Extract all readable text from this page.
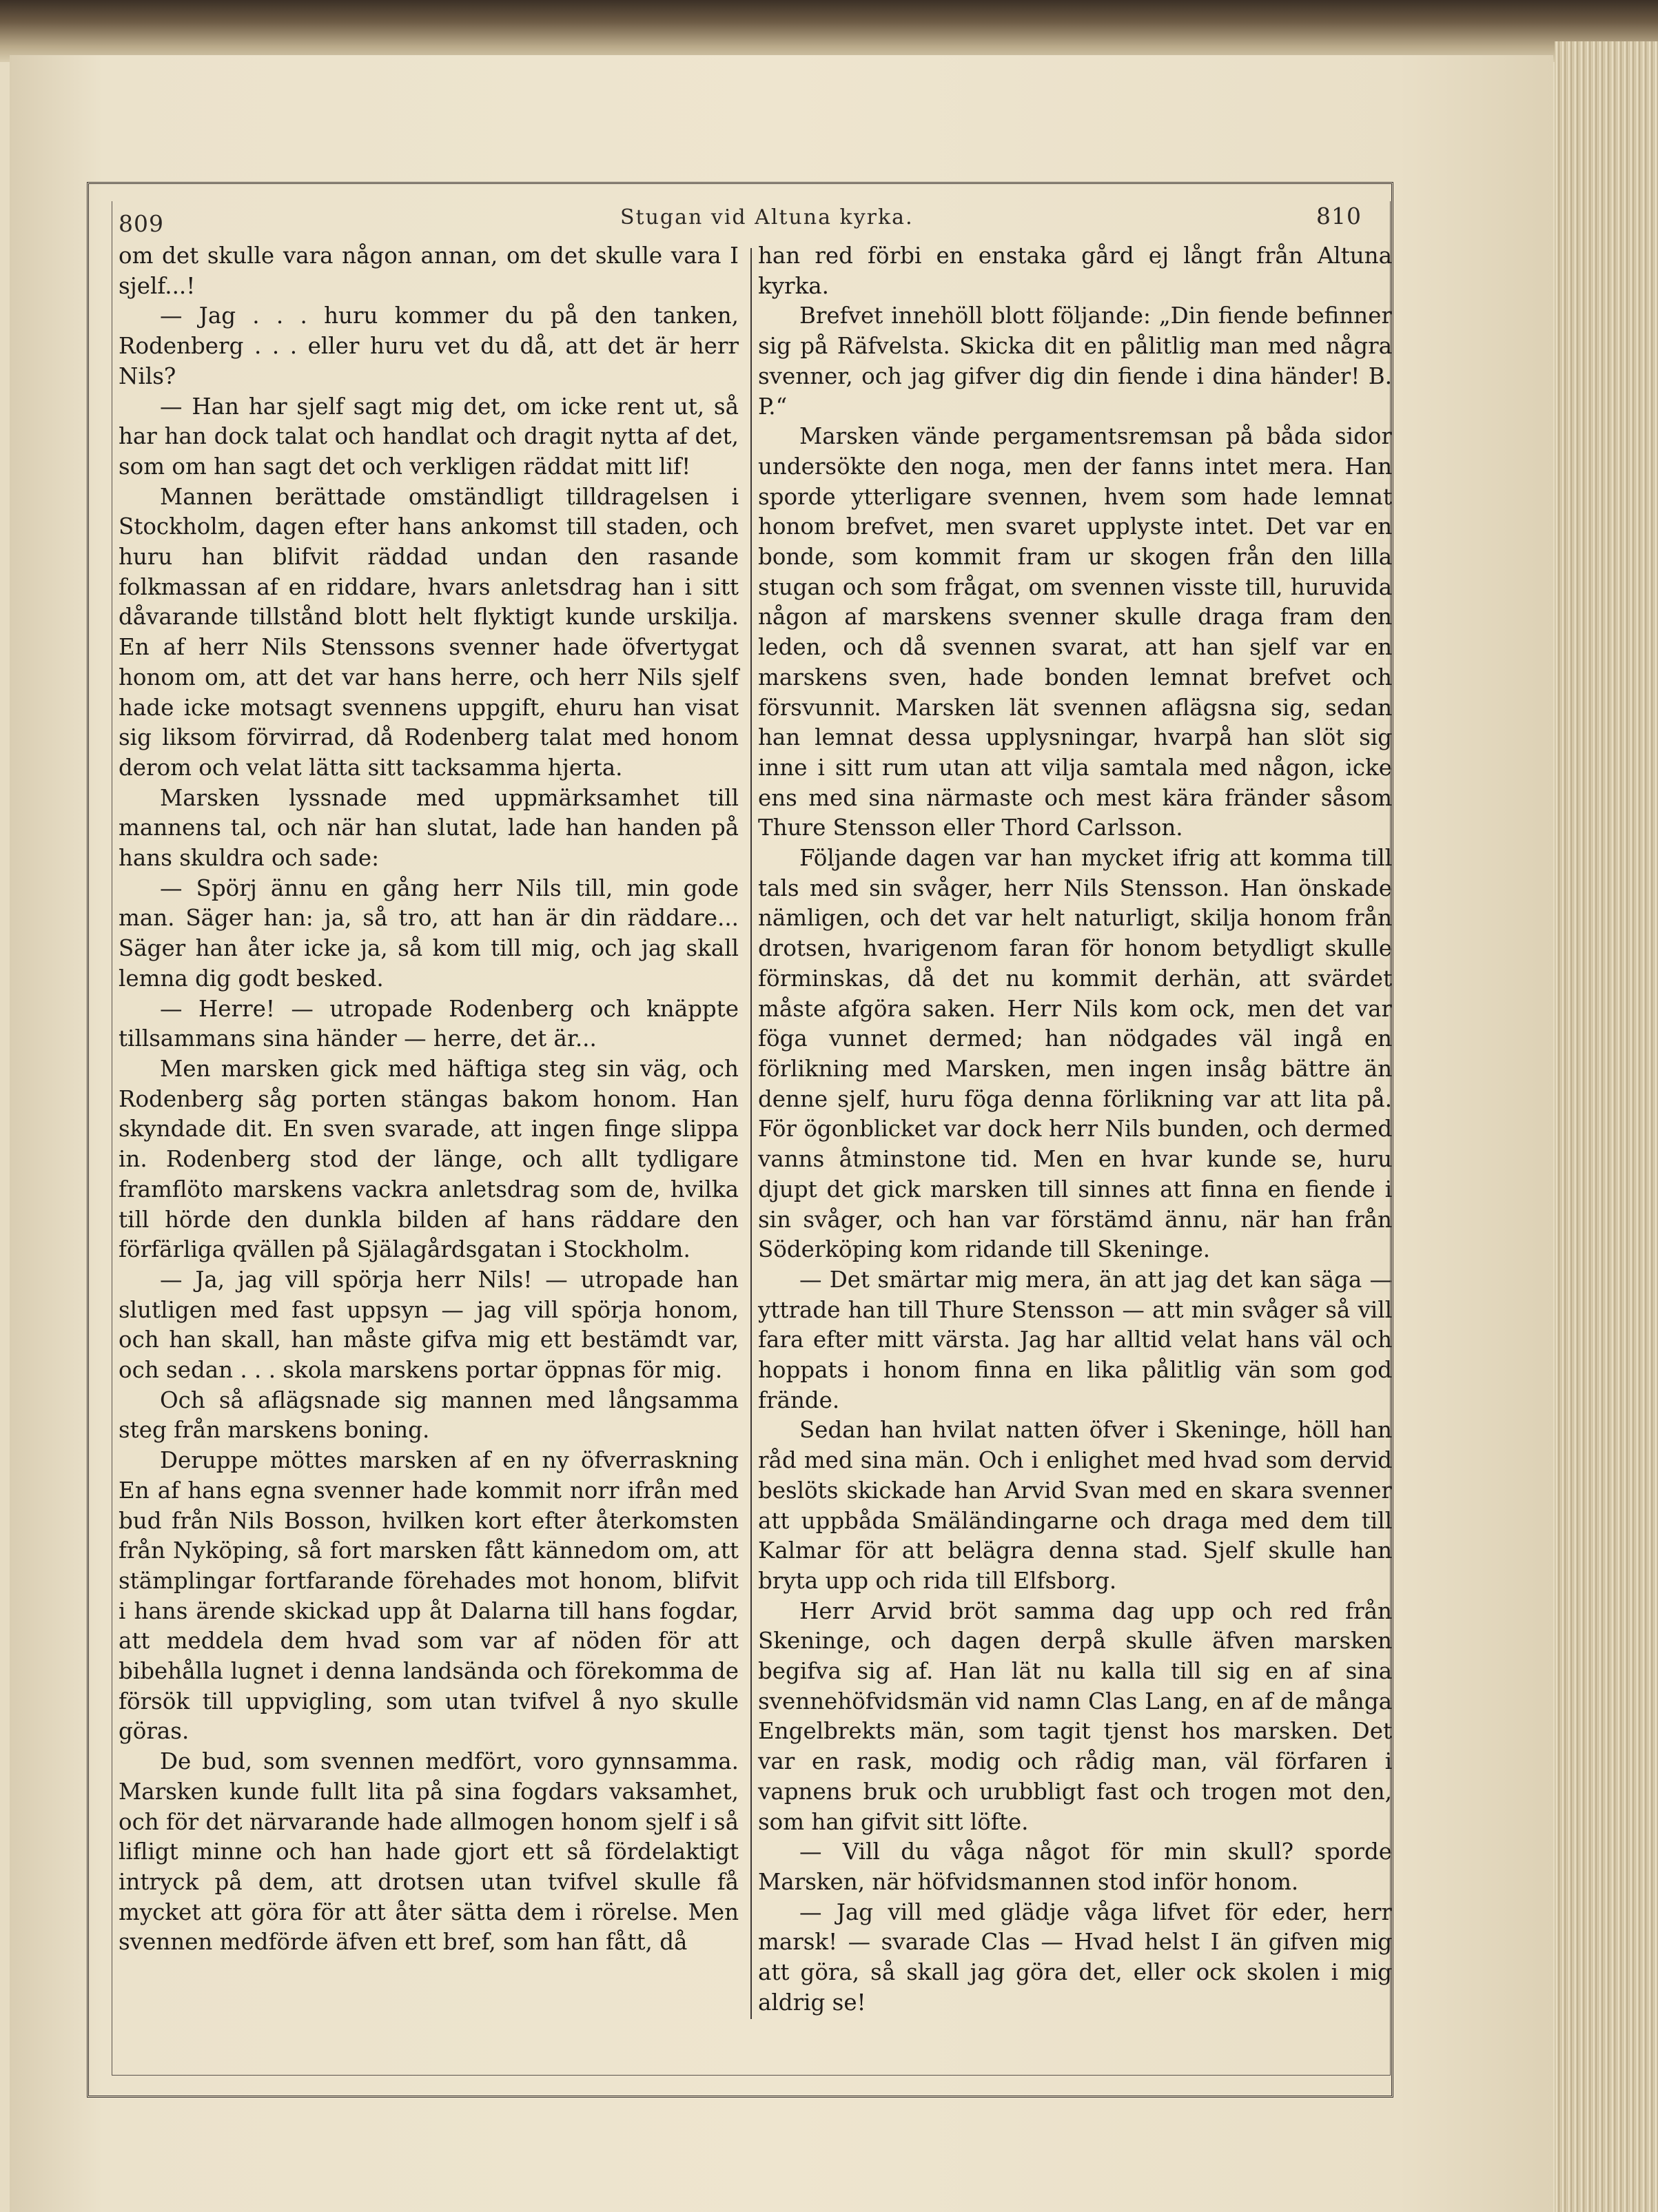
809	Stugan vid Altuna kyrka.	810

om det skulle vara någon annan, om det skulle vara I sjelf...!

— Jag . . . huru kommer du på den tanken, Rodenberg . . . eller huru vet du då, att det är herr Nils?

— Han har sjelf sagt mig det, om icke rent ut, så har han dock talat och handlat och dragit nytta af det, som om han sagt det och verkligen räddat mitt lif!

Mannen berättade omständligt tilldragelsen i Stockholm, dagen efter hans ankomst till staden, och huru han blifvit räddad undan den rasande folkmassan af en riddare, hvars anletsdrag han i sitt dåvarande tillstånd blott helt flyktigt kunde urskilja. En af herr Nils Stenssons svenner hade öfvertygat honom om, att det var hans herre, och herr Nils sjelf hade icke motsagt svennens uppgift, ehuru han visat sig liksom förvirrad, då Rodenberg talat med honom derom och velat lätta sitt tacksamma hjerta.

Marsken lyssnade med uppmärksamhet till mannens tal, och när han slutat, lade han handen på hans skuldra och sade:

— Spörj ännu en gång herr Nils till, min gode man. Säger han: ja, så tro, att han är din räddare... Säger han åter icke ja, så kom till mig, och jag skall lemna dig godt besked.

— Herre! — utropade Rodenberg och knäppte tillsammans sina händer — herre, det är...

Men marsken gick med häftiga steg sin väg, och Rodenberg såg porten stängas bakom honom. Han skyndade dit. En sven svarade, att ingen finge slippa in. Rodenberg stod der länge, och allt tydligare framflöto marskens vackra anletsdrag som de, hvilka till hörde den dunkla bilden af hans räddare den förfärliga qvällen på Själagårdsgatan i Stockholm.

— Ja, jag vill spörja herr Nils! — utropade han slutligen med fast uppsyn — jag vill spörja honom, och han skall, han måste gifva mig ett bestämdt var, och sedan . . . skola marskens portar öppnas för mig.

Och så aflägsnade sig mannen med långsamma steg från marskens boning.

Deruppe möttes marsken af en ny öfverraskning En af hans egna svenner hade kommit norr ifrån med bud från Nils Bosson, hvilken kort efter återkomsten från Nyköping, så fort marsken fått kännedom om, att stämplingar fortfarande förehades mot honom, blifvit i hans ärende skickad upp åt Dalarna till hans fogdar, att meddela dem hvad som var af nöden för att bibehålla lugnet i denna landsända och förekomma de försök till uppvigling, som utan tvifvel å nyo skulle göras.

De bud, som svennen medfört, voro gynnsamma. Marsken kunde fullt lita på sina fogdars vaksamhet, och för det närvarande hade allmogen honom sjelf i så lifligt minne och han hade gjort ett så fördelaktigt intryck på dem, att drotsen utan tvifvel skulle få mycket att göra för att åter sätta dem i rörelse. Men svennen medförde äfven ett bref, som han fått, då

han red förbi en enstaka gård ej långt från Altuna kyrka.

Brefvet innehöll blott följande: „Din fiende befinner sig på Räfvelsta. Skicka dit en pålitlig man med några svenner, och jag gifver dig din fiende i dina händer! B. P.“

Marsken vände pergamentsremsan på båda sidor undersökte den noga, men der fanns intet mera. Han sporde ytterligare svennen, hvem som hade lemnat honom brefvet, men svaret upplyste intet. Det var en bonde, som kommit fram ur skogen från den lilla stugan och som frågat, om svennen visste till, huruvida någon af marskens svenner skulle draga fram den leden, och då svennen svarat, att han sjelf var en marskens sven, hade bonden lemnat brefvet och försvunnit. Marsken lät svennen aflägsna sig, sedan han lemnat dessa upplysningar, hvarpå han slöt sig inne i sitt rum utan att vilja samtala med någon, icke ens med sina närmaste och mest kära fränder såsom Thure Stensson eller Thord Carlsson.

Följande dagen var han mycket ifrig att komma till tals med sin svåger, herr Nils Stensson. Han önskade nämligen, och det var helt naturligt, skilja honom från drotsen, hvarigenom faran för honom betydligt skulle förminskas, då det nu kommit derhän, att svärdet måste afgöra saken. Herr Nils kom ock, men det var föga vunnet dermed; han nödgades väl ingå en förlikning med Marsken, men ingen insåg bättre än denne sjelf, huru föga denna förlikning var att lita på. För ögonblicket var dock herr Nils bunden, och dermed vanns åtminstone tid. Men en hvar kunde se, huru djupt det gick marsken till sinnes att finna en fiende i sin svåger, och han var förstämd ännu, när han från Söderköping kom ridande till Skeninge.

— Det smärtar mig mera, än att jag det kan säga — yttrade han till Thure Stensson — att min svåger så vill fara efter mitt värsta. Jag har alltid velat hans väl och hoppats i honom finna en lika pålitlig vän som god frände.

Sedan han hvilat natten öfver i Skeninge, höll han råd med sina män. Och i enlighet med hvad som dervid beslöts skickade han Arvid Svan med en skara svenner att uppbåda Smäländingarne och draga med dem till Kalmar för att belägra denna stad. Sjelf skulle han bryta upp och rida till Elfsborg.

Herr Arvid bröt samma dag upp och red från Skeninge, och dagen derpå skulle äfven marsken begifva sig af. Han lät nu kalla till sig en af sina svennehöfvidsmän vid namn Clas Lang, en af de många Engelbrekts män, som tagit tjenst hos marsken. Det var en rask, modig och rådig man, väl förfaren i vapnens bruk och urubbligt fast och trogen mot den, som han gifvit sitt löfte.

— Vill du våga något för min skull? sporde Marsken, när höfvidsmannen stod inför honom.

— Jag vill med glädje våga lifvet för eder, herr marsk! — svarade Clas — Hvad helst I än gifven mig att göra, så skall jag göra det, eller ock skolen i mig aldrig se!
